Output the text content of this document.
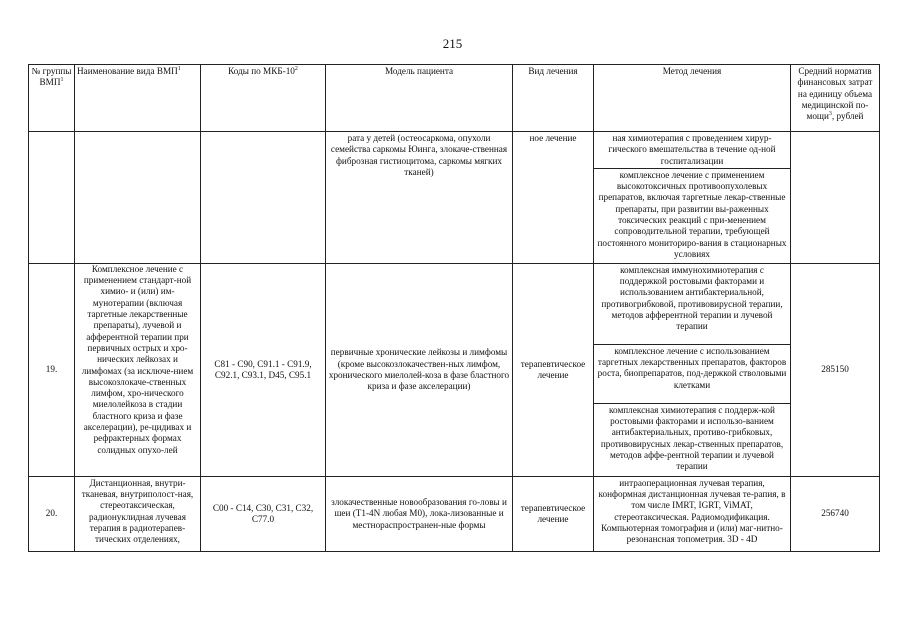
215
№ группы ВМП$^1$	Наименование вида ВМП$^1$	Коды по МКБ-$10^2$	Модель пациента	Вид лечения	Метод лечения	Средний норматив финансовых затрат на единицу объема медицинской по-мощи$^3$, рублей
			рата у детей (остеосаркома, опухоли семейства саркомы Юинга, злокаче-ственная фиброзная гистиоцитома, саркомы мягких тканей)	ное лечение	ная химиотерапия с проведением хирур-гического вмешательства в течение од-ной госпитализации	
					комплексное лечение с применением высокотоксичных противоопухолевых препаратов, включая таргетные лекар-ственные препараты, при развитии вы-раженных токсических реакций с при-менением сопроводительной терапии, требующей постоянного мониториро-вания в стационарных условиях	
19.	Комплексное лечение с применением стандарт-ной химио- и (или) им-мунотерапии (включая таргетные лекарственные препараты), лучевой и афферентной терапии при первичных острых и хро-нических лейкозах и лимфомах (за исключе-нием высокозлокаче-ственных лимфом, хро-нического миелолейкоза в стадии бластного криза и фазе акселерации), ре-цидивах и рефрактерных формах солидных опухо-лей	C81 - C90, C91.1 - C91.9, C92.1, C93.1, D45, C95.1	первичные хронические лейкозы и лимфомы (кроме высокозлокачествен-ных лимфом, хронического миелолей-коза в фазе бластного криза и фазе акселерации)	терапевтическое лечение	комплексная иммунохимиотерапия с поддержкой ростовыми факторами и использованием антибактериальной, противогрибковой, противовирусной терапии, методов афферентной терапии и лучевой терапии	285150
					комплексное лечение с использованием таргетных лекарственных препаратов, факторов роста, биопрепаратов, под-держкой стволовыми клетками	
					комплексная химиотерапия с поддерж-кой ростовыми факторами и использо-ванием антибактериальных, противо-грибковых, противовирусных лекар-ственных препаратов, методов аффе-рентной терапии и лучевой терапии	
20.	Дистанционная, внутри-тканевая, внутриполост-ная, стереотаксическая, радионуклидная лучевая терапия в радиотерапев-тических отделениях,	C00 - C14, C30, C31, C32, C77.0	злокачественные новообразования го-ловы и шеи (T1-4N любая M0), лока-лизованные и местнораспространен-ные формы	терапевтическое лечение	интраоперационная лучевая терапия, конформная дистанционная лучевая те-рапия, в том числе IMRT, IGRT, ViMAT, стереотаксическая. Радиомодификация. Компьютерная томография и (или) маг-нитно-резонансная топометрия. 3D - 4D	256740
